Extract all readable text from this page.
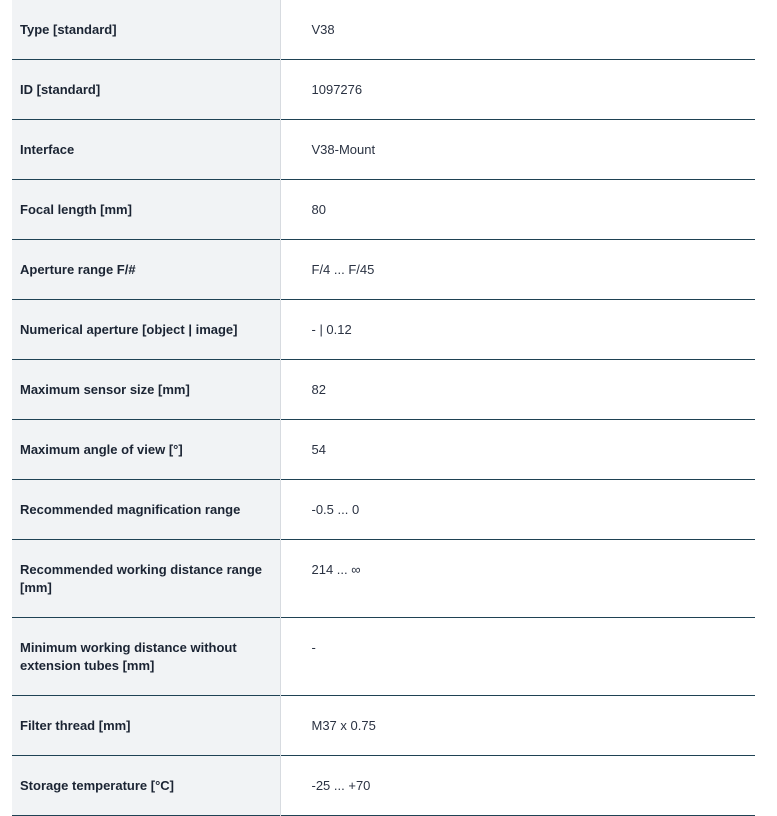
Type [standard]	V38
ID [standard]	1097276
Interface	V38-Mount
Focal length [mm]	80
Aperture range F/#	F/4 ... F/45
Numerical aperture [object | image]	- | 0.12
Maximum sensor size [mm]	82
Maximum angle of view [°]	54
Recommended magnification range	-0.5 ... 0
Recommended working distance range [mm]	214 ... ∞
Minimum working distance without extension tubes [mm]	-
Filter thread [mm]	M37 x 0.75
Storage temperature [°C]	-25 ... +70
